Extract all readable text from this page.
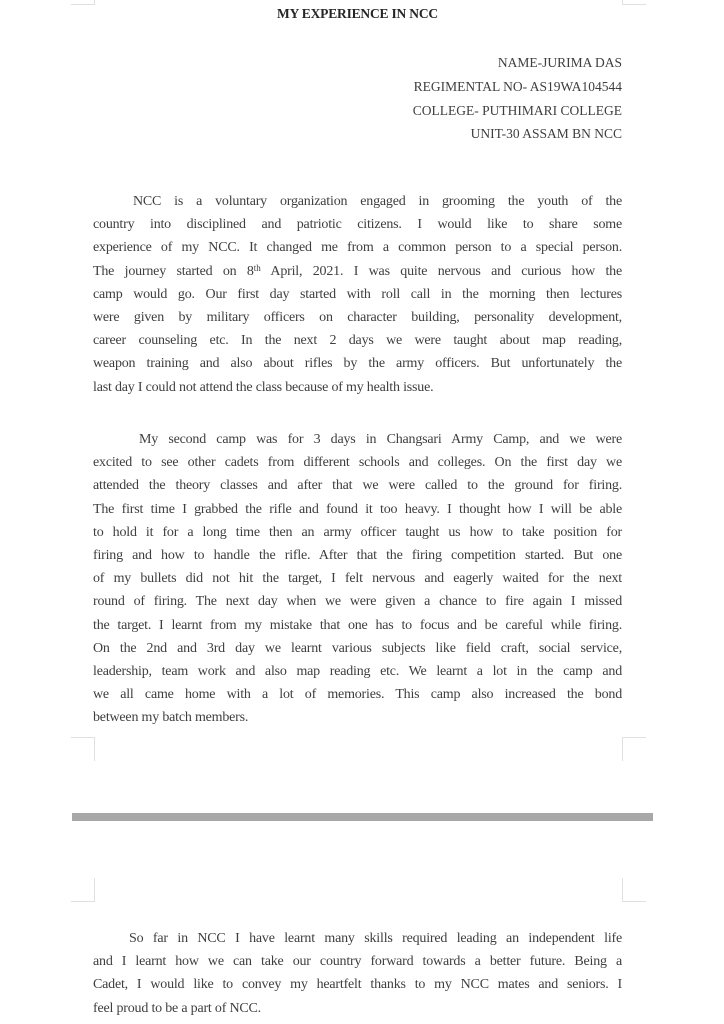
MY EXPERIENCE IN NCC
NAME-JURIMA DAS
REGIMENTAL NO- AS19WA104544
COLLEGE- PUTHIMARI COLLEGE
UNIT-30 ASSAM BN NCC
NCC is a voluntary organization engaged in grooming the youth of the
country into disciplined and patriotic citizens. I would like to share some
experience of my NCC. It changed me from a common person to a special person.
The journey started on 8th April, 2021. I was quite nervous and curious how the
camp would go. Our first day started with roll call in the morning then lectures
were given by military officers on character building, personality development,
career counseling etc. In the next 2 days we were taught about map reading,
weapon training and also about rifles by the army officers. But unfortunately the
last day I could not attend the class because of my health issue.
My second camp was for 3 days in Changsari Army Camp, and we were
excited to see other cadets from different schools and colleges. On the first day we
attended the theory classes and after that we were called to the ground for firing.
The first time I grabbed the rifle and found it too heavy. I thought how I will be able
to hold it for a long time then an army officer taught us how to take position for
firing and how to handle the rifle. After that the firing competition started. But one
of my bullets did not hit the target, I felt nervous and eagerly waited for the next
round of firing. The next day when we were given a chance to fire again I missed
the target. I learnt from my mistake that one has to focus and be careful while firing.
On the 2nd and 3rd day we learnt various subjects like field craft, social service,
leadership, team work and also map reading etc. We learnt a lot in the camp and
we all came home with a lot of memories. This camp also increased the bond
between my batch members.
So far in NCC I have learnt many skills required leading an independent life
and I learnt how we can take our country forward towards a better future. Being a
Cadet, I would like to convey my heartfelt thanks to my NCC mates and seniors. I
feel proud to be a part of NCC.
